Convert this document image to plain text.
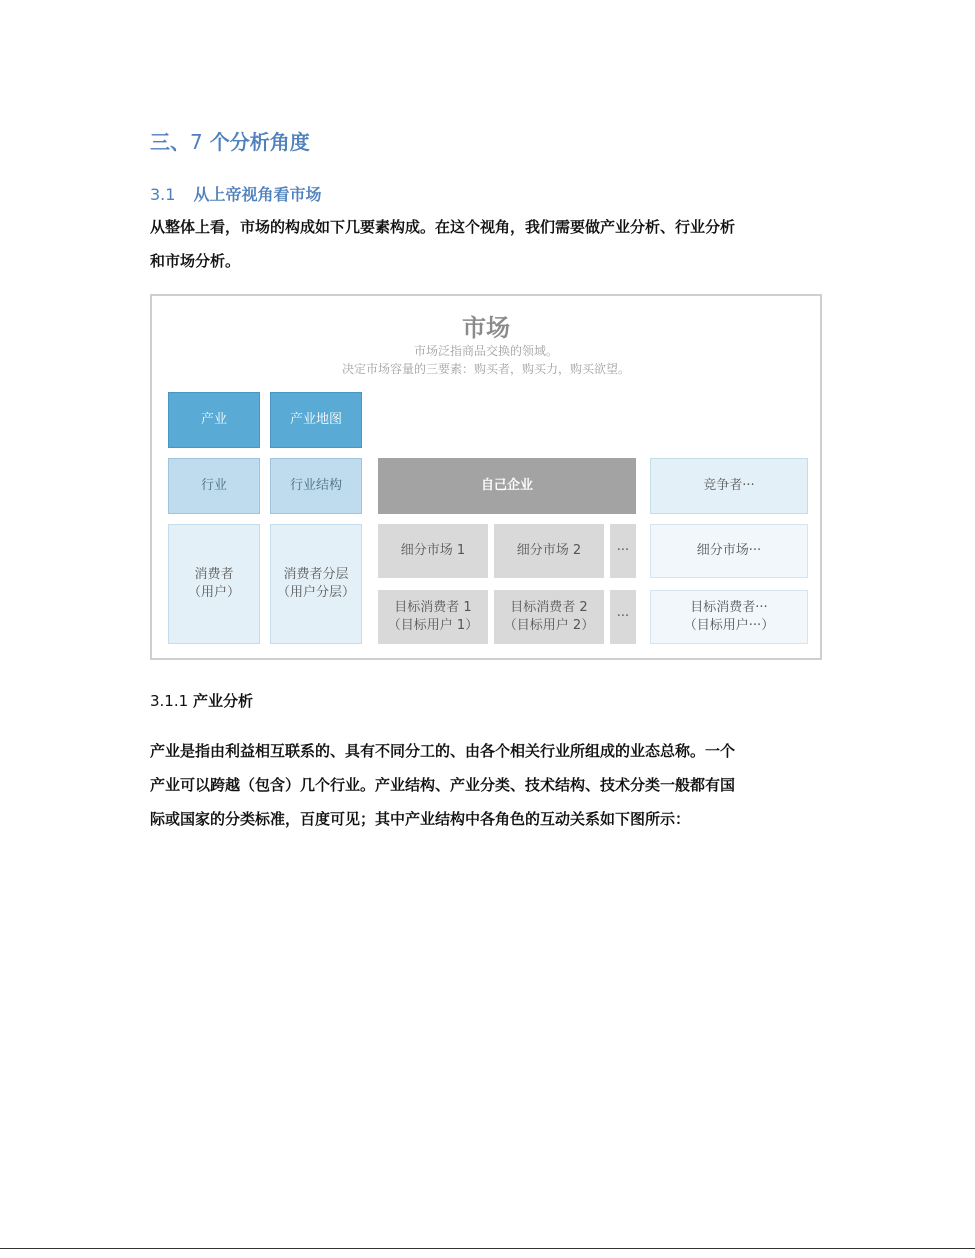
三、7 个分析角度
3.1 从上帝视角看市场
从整体上看，市场的构成如下几要素构成。在这个视角，我们需要做产业分析、行业分析
和市场分析。
市场
市场泛指商品交换的领域。
决定市场容量的三要素：购买者，购买力，购买欲望。
产业	产业地图
行业	行业结构
消费者
（用户）
消费者分层
（用户分层）
自己企业	竞争者···
细分市场 1	细分市场 2	···	细分市场···
目标消费者 1
（目标用户 1）
目标消费者 2
（目标用户 2）
···
目标消费者···
（目标用户···）
3.1.1 产业分析
产业是指由利益相互联系的、具有不同分工的、由各个相关行业所组成的业态总称。一个
产业可以跨越（包含）几个行业。产业结构、产业分类、技术结构、技术分类一般都有国
际或国家的分类标准，百度可见；其中产业结构中各角色的互动关系如下图所示：
